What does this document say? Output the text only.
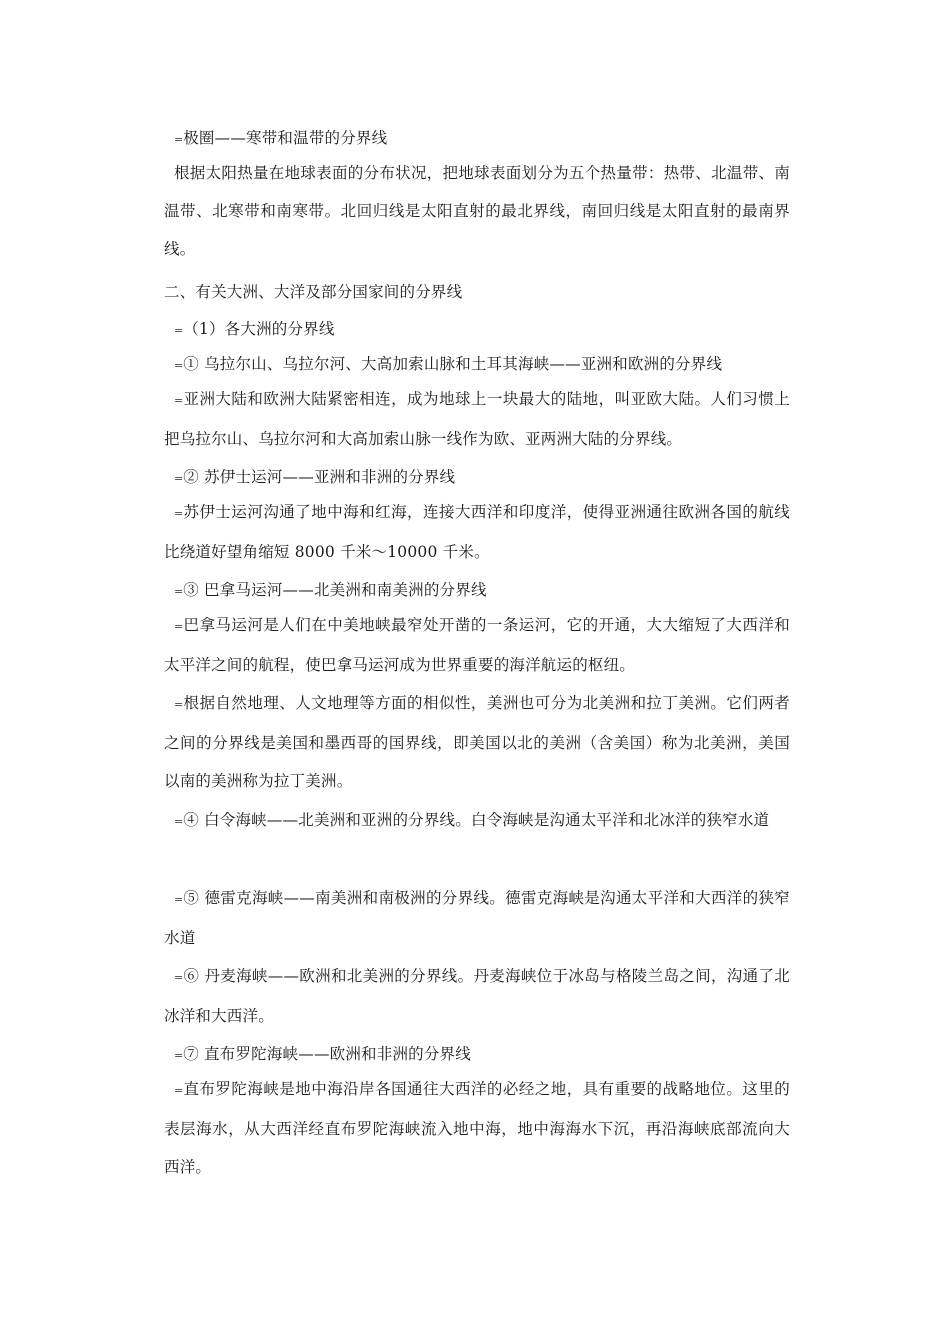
=极圈——寒带和温带的分界线
根据太阳热量在地球表面的分布状况，把地球表面划分为五个热量带：热带、北温带、南温带、北寒带和南寒带。北回归线是太阳直射的最北界线，南回归线是太阳直射的最南界线。
二、有关大洲、大洋及部分国家间的分界线
=（1）各大洲的分界线
=① 乌拉尔山、乌拉尔河、大高加索山脉和土耳其海峡——亚洲和欧洲的分界线
=亚洲大陆和欧洲大陆紧密相连，成为地球上一块最大的陆地，叫亚欧大陆。人们习惯上把乌拉尔山、乌拉尔河和大高加索山脉一线作为欧、亚两洲大陆的分界线。
=② 苏伊士运河——亚洲和非洲的分界线
=苏伊士运河沟通了地中海和红海，连接大西洋和印度洋，使得亚洲通往欧洲各国的航线比绕道好望角缩短 8000 千米～10000 千米。
=③ 巴拿马运河——北美洲和南美洲的分界线
=巴拿马运河是人们在中美地峡最窄处开凿的一条运河，它的开通，大大缩短了大西洋和太平洋之间的航程，使巴拿马运河成为世界重要的海洋航运的枢纽。
=根据自然地理、人文地理等方面的相似性，美洲也可分为北美洲和拉丁美洲。它们两者之间的分界线是美国和墨西哥的国界线，即美国以北的美洲（含美国）称为北美洲，美国以南的美洲称为拉丁美洲。
=④ 白令海峡——北美洲和亚洲的分界线。白令海峡是沟通太平洋和北冰洋的狭窄水道
=⑤ 德雷克海峡——南美洲和南极洲的分界线。德雷克海峡是沟通太平洋和大西洋的狭窄水道
=⑥ 丹麦海峡——欧洲和北美洲的分界线。丹麦海峡位于冰岛与格陵兰岛之间，沟通了北冰洋和大西洋。
=⑦ 直布罗陀海峡——欧洲和非洲的分界线
=直布罗陀海峡是地中海沿岸各国通往大西洋的必经之地，具有重要的战略地位。这里的表层海水，从大西洋经直布罗陀海峡流入地中海，地中海海水下沉，再沿海峡底部流向大西洋。
